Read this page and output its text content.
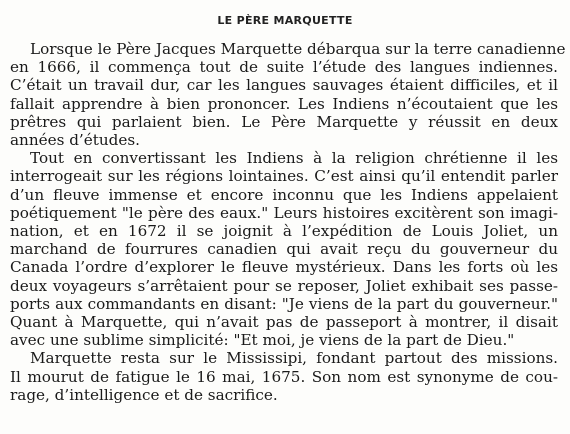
LE PÈRE MARQUETTE

Lorsque le Père Jacques Marquette débarqua sur la terre canadienne
en 1666, il commença tout de suite l’étude des langues indiennes.
C’était un travail dur, car les langues sauvages étaient difficiles, et il
fallait apprendre à bien prononcer. Les Indiens n’écoutaient que les
prêtres qui parlaient bien. Le Père Marquette y réussit en deux
années d’études.

Tout en convertissant les Indiens à la religion chrétienne il les
interrogeait sur les régions lointaines. C’est ainsi qu’il entendit parler
d’un fleuve immense et encore inconnu que les Indiens appelaient
poétiquement "le père des eaux." Leurs histoires excitèrent son imagi-
nation, et en 1672 il se joignit à l’expédition de Louis Joliet, un
marchand de fourrures canadien qui avait reçu du gouverneur du
Canada l’ordre d’explorer le fleuve mystérieux. Dans les forts où les
deux voyageurs s’arrêtaient pour se reposer, Joliet exhibait ses passe-
ports aux commandants en disant: "Je viens de la part du gouverneur."
Quant à Marquette, qui n’avait pas de passeport à montrer, il disait
avec une sublime simplicité: "Et moi, je viens de la part de Dieu."

Marquette resta sur le Mississipi, fondant partout des missions.
Il mourut de fatigue le 16 mai, 1675. Son nom est synonyme de cou-
rage, d’intelligence et de sacrifice.
